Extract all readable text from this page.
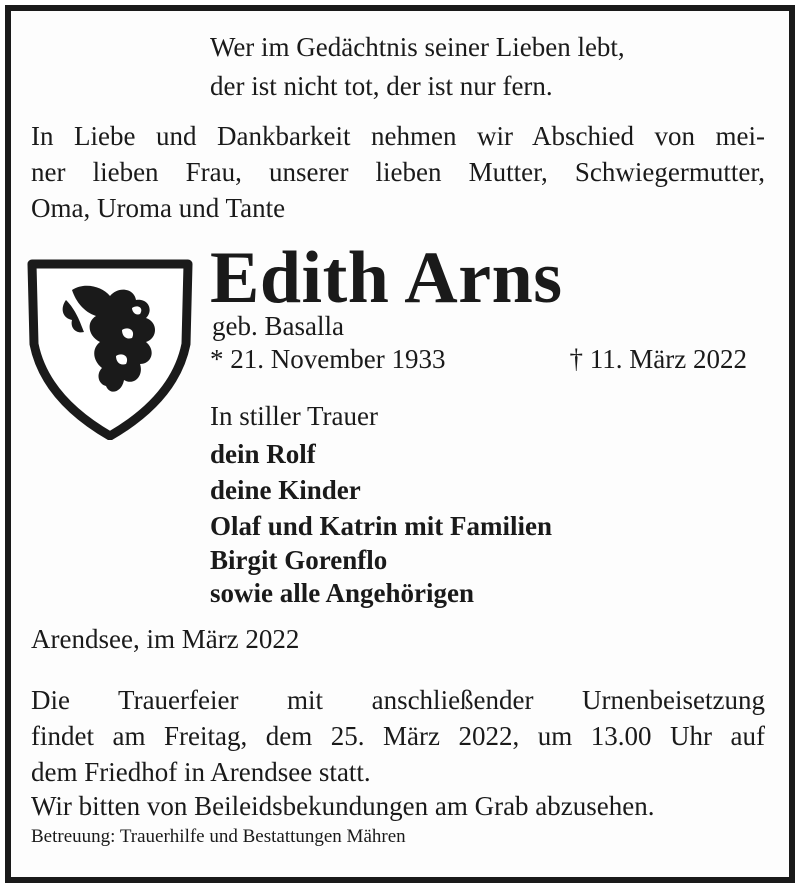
Wer im Gedächtnis seiner Lieben lebt,
der ist nicht tot, der ist nur fern.
In Liebe und Dankbarkeit nehmen wir Abschied von mei-
ner lieben Frau, unserer lieben Mutter, Schwiegermutter,
Oma, Uroma und Tante
Edith Arns
geb. Basalla
* 21. November 1933	† 11. März 2022
In stiller Trauer
dein Rolf
deine Kinder
Olaf und Katrin mit Familien
Birgit Gorenflo
sowie alle Angehörigen
Arendsee, im März 2022
Die Trauerfeier mit anschließender Urnenbeisetzung
findet am Freitag, dem 25. März 2022, um 13.00 Uhr auf
dem Friedhof in Arendsee statt.
Wir bitten von Beileidsbekundungen am Grab abzusehen.
Betreuung: Trauerhilfe und Bestattungen Mähren
